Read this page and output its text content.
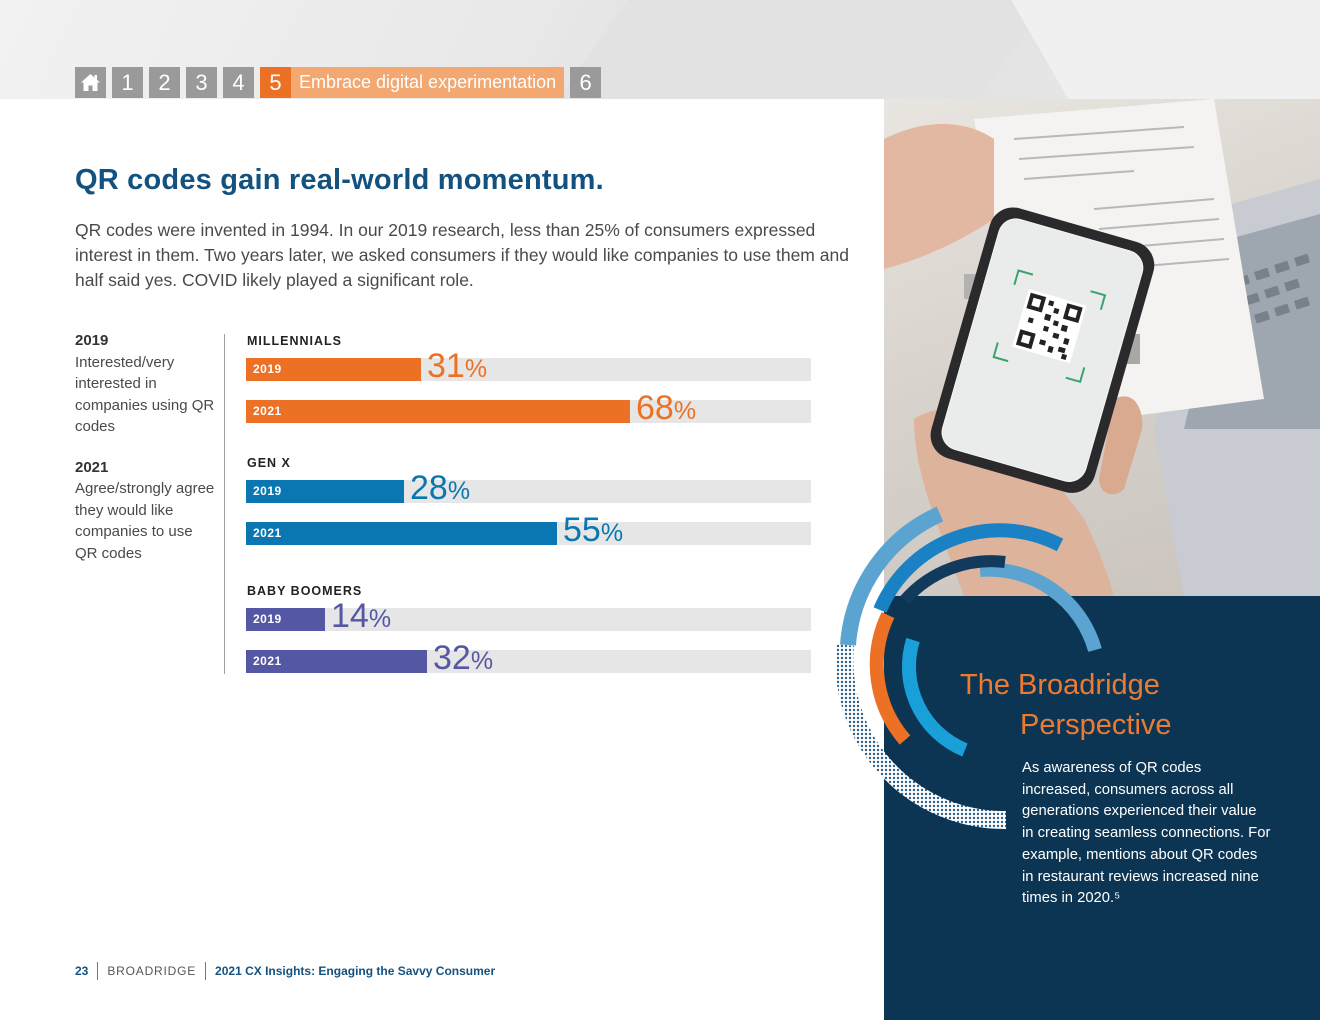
1	2	3	4	5 Embrace digital experimentation	6
QR codes gain real-world momentum.

QR codes were invented in 1994. In our 2019 research, less than 25% of consumers expressed interest in them. Two years later, we asked consumers if they would like companies to use them and half said yes. COVID likely played a significant role.

2019
Interested/very interested in companies using QR codes
2021
Agree/strongly agree they would like companies to use QR codes
MILLENNIALS
2019	31%
2021	68%
GEN X
2019	28%
2021	55%
BABY BOOMERS
2019 14%
2021	32%
The Broadridge
Perspective

As awareness of QR codes increased, consumers across all generations experienced their value in creating seamless connections. For example, mentions about QR codes in restaurant reviews increased nine times in 2020.⁵

23 BROADRIDGE 2021 CX Insights: Engaging the Savvy Consumer
